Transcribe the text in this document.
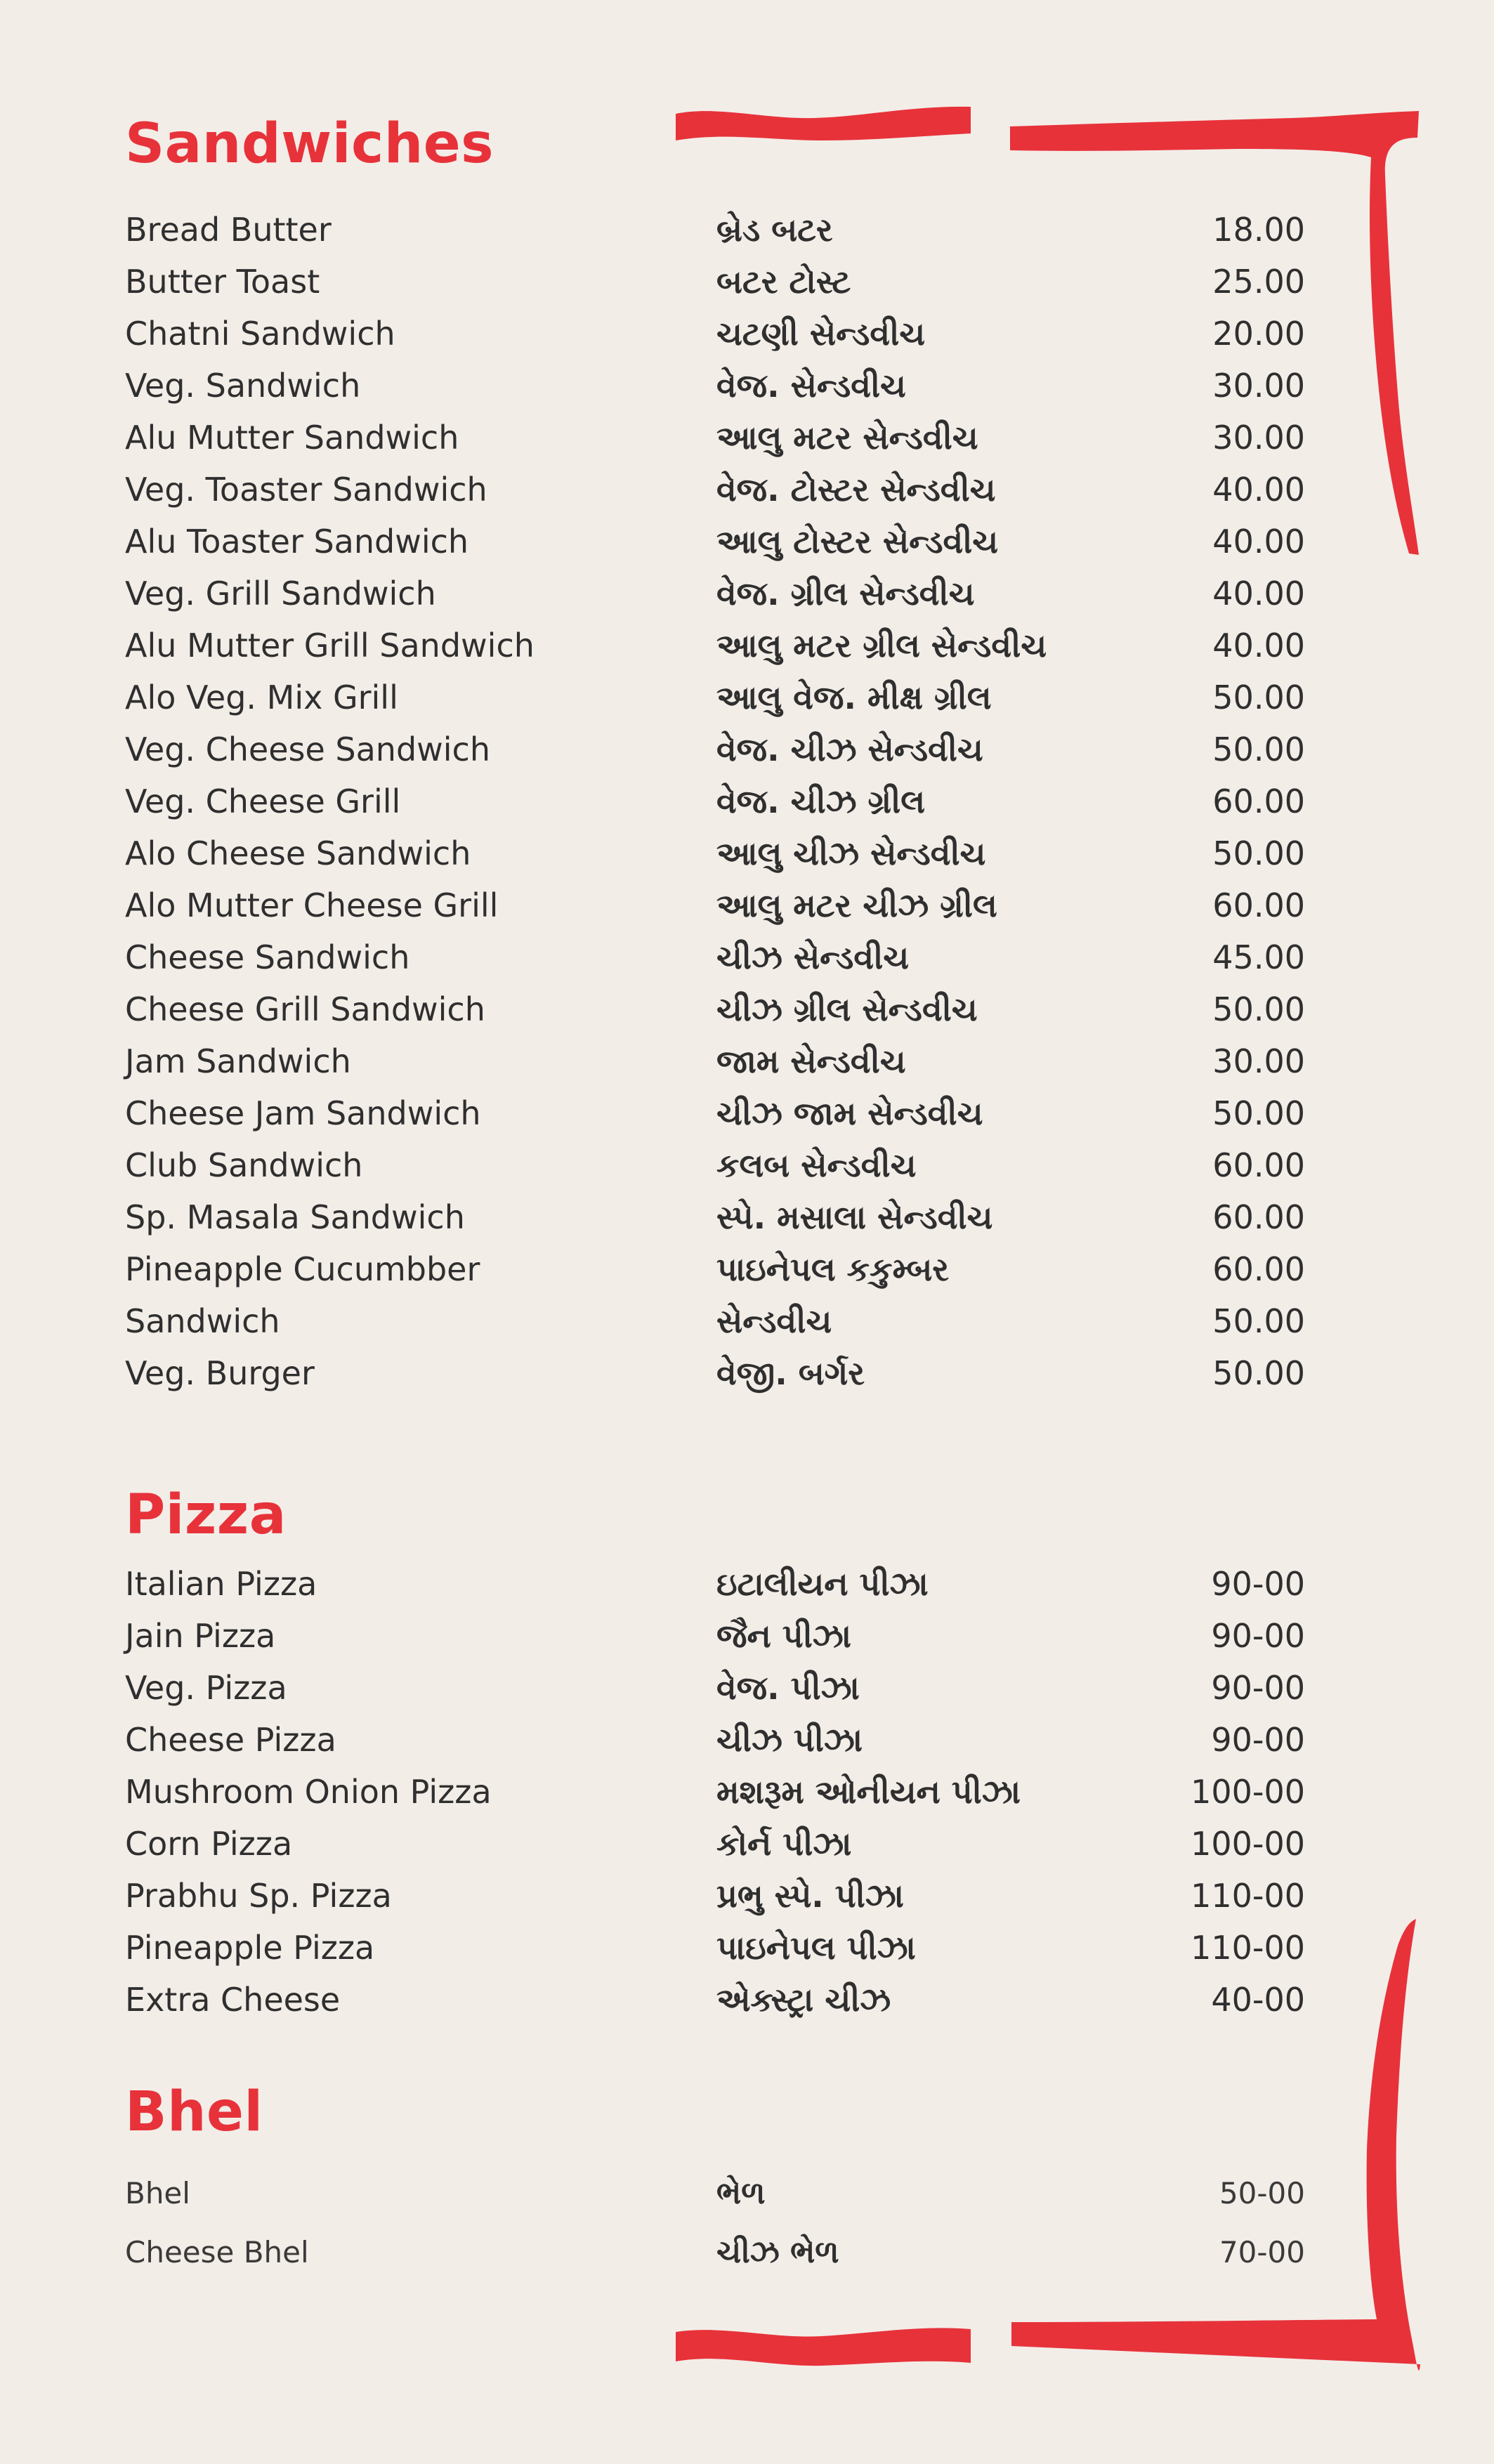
Sandwiches
Bread Butter	બ્રેડ બટર	18.00
Butter Toast	બટર ટોસ્ટ	25.00
Chatni Sandwich	ચટણી સેન્ડવીચ	20.00
Veg. Sandwich	વેજ. સેન્ડવીચ	30.00
Alu Mutter Sandwich	આલુ મટર સેન્ડવીચ	30.00
Veg. Toaster Sandwich	વેજ. ટોસ્ટર સેન્ડવીચ	40.00
Alu Toaster Sandwich	આલુ ટોસ્ટર સેન્ડવીચ	40.00
Veg. Grill Sandwich	વેજ. ગ્રીલ સેન્ડવીચ	40.00
Alu Mutter Grill Sandwich	આલુ મટર ગ્રીલ સેન્ડવીચ	40.00
Alo Veg. Mix Grill	આલુ વેજ. મીક્ષ ગ્રીલ	50.00
Veg. Cheese Sandwich	વેજ. ચીઝ સેન્ડવીચ	50.00
Veg. Cheese Grill	વેજ. ચીઝ ગ્રીલ	60.00
Alo Cheese Sandwich	આલુ ચીઝ સેન્ડવીચ	50.00
Alo Mutter Cheese Grill	આલુ મટર ચીઝ ગ્રીલ	60.00
Cheese Sandwich	ચીઝ સેન્ડવીચ	45.00
Cheese Grill Sandwich	ચીઝ ગ્રીલ સેન્ડવીચ	50.00
Jam Sandwich	જામ સેન્ડવીચ	30.00
Cheese Jam Sandwich	ચીઝ જામ સેન્ડવીચ	50.00
Club Sandwich	કલબ સેન્ડવીચ	60.00
Sp. Masala Sandwich	સ્પે. મસાલા સેન્ડવીચ	60.00
Pineapple Cucumbber	પાઇનેપલ કકુમ્બર	60.00
Sandwich	સેન્ડવીચ	50.00
Veg. Burger	વેજી. બર્ગર	50.00
Pizza
Italian Pizza	ઇટાલીયન પીઝા	90-00
Jain Pizza	જૈન પીઝા	90-00
Veg. Pizza	વેજ. પીઝા	90-00
Cheese Pizza	ચીઝ પીઝા	90-00
Mushroom Onion Pizza	મશરૂમ ઓનીયન પીઝા	100-00
Corn Pizza	કોર્ન પીઝા	100-00
Prabhu Sp. Pizza	પ્રભુ સ્પે. પીઝા	110-00
Pineapple Pizza	પાઇનેપલ પીઝા	110-00
Extra Cheese	એક્સ્ટ્રા ચીઝ	40-00
Bhel
Bhel	ભેળ	50-00
Cheese Bhel	ચીઝ ભેળ	70-00
